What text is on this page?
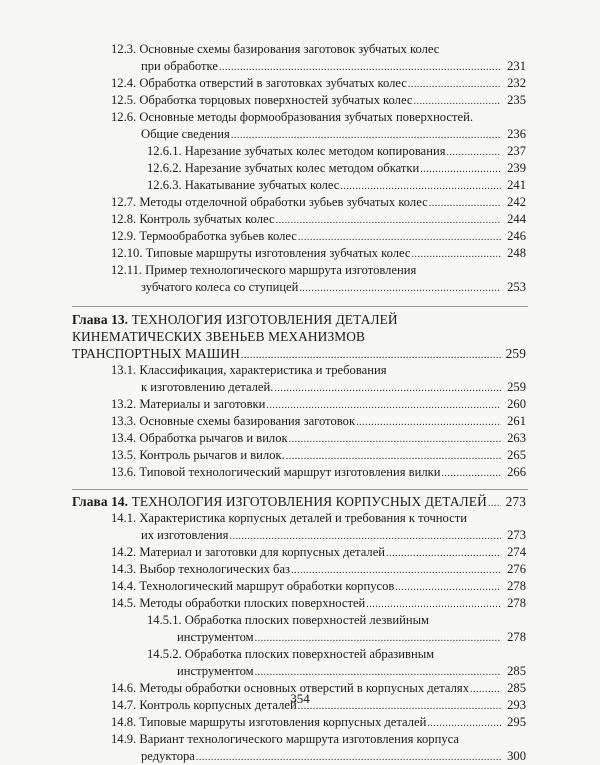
12.3. Основные схемы базирования заготовок зубчатых колес
при обработке .....	231
12.4. Обработка отверстий в заготовках зубчатых колес .....	232
12.5. Обработка торцовых поверхностей зубчатых колес .....	235
12.6. Основные методы формообразования зубчатых поверхностей.
Общие сведения .....	236
12.6.1. Нарезание зубчатых колес методом копирования .....	237
12.6.2. Нарезание зубчатых колес методом обкатки .....	239
12.6.3. Накатывание зубчатых колес .....	241
12.7. Методы отделочной обработки зубьев зубчатых колес .....	242
12.8. Контроль зубчатых колес .....	244
12.9. Термообработка зубьев колес .....	246
12.10. Типовые маршруты изготовления зубчатых колес .....	248
12.11. Пример технологического маршрута изготовления
зубчатого колеса со ступицей .....	253
Глава 13. ТЕХНОЛОГИЯ ИЗГОТОВЛЕНИЯ ДЕТАЛЕЙ
КИНЕМАТИЧЕСКИХ ЗВЕНЬЕВ МЕХАНИЗМОВ
ТРАНСПОРТНЫХ МАШИН .....	259
13.1. Классификация, характеристика и требования
к изготовлению деталей. .....	259
13.2. Материалы и заготовки .....	260
13.3. Основные схемы базирования заготовок .....	261
13.4. Обработка рычагов и вилок .....	263
13.5. Контроль рычагов и вилок. .....	265
13.6. Типовой технологический маршрут изготовления вилки .....	266
Глава 14. ТЕХНОЛОГИЯ ИЗГОТОВЛЕНИЯ КОРПУСНЫХ ДЕТАЛЕЙ ..... 273
14.1. Характеристика корпусных деталей и требования к точности
их изготовления .....	273
14.2. Материал и заготовки для корпусных деталей .....	274
14.3. Выбор технологических баз .....	276
14.4. Технологический маршрут обработки корпусов .....	278
14.5. Методы обработки плоских поверхностей .....	278
14.5.1. Обработка плоских поверхностей лезвийным
инструментом .....	278
14.5.2. Обработка плоских поверхностей абразивным
инструментом .....	285
14.6. Методы обработки основных отверстий в корпусных деталях .....	285
14.7. Контроль корпусных деталей .....	293
14.8. Типовые маршруты изготовления корпусных деталей .....	295
14.9. Вариант технологического маршрута изготовления корпуса
редуктора .....	300
354
